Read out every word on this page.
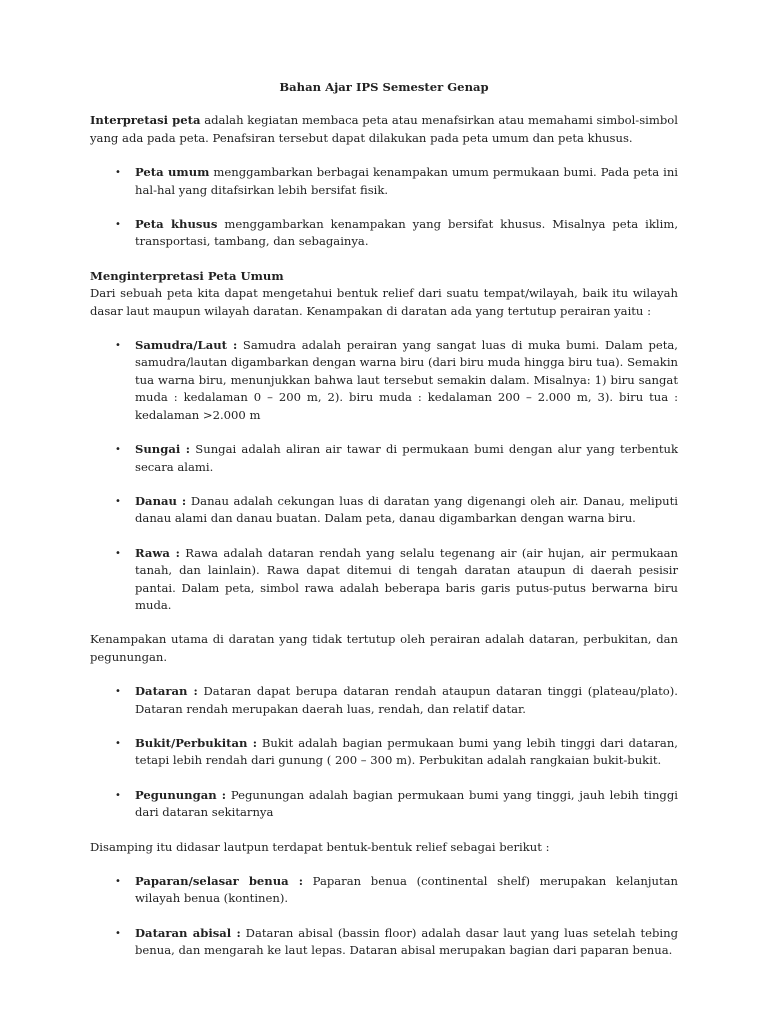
Bahan Ajar IPS Semester Genap

Interpretasi peta adalah kegiatan membaca peta atau menafsirkan atau memahami simbol-simbol yang ada pada peta. Penafsiran tersebut dapat dilakukan pada peta umum dan peta khusus.

• Peta umum menggambarkan berbagai kenampakan umum permukaan bumi. Pada peta ini hal-hal yang ditafsirkan lebih bersifat fisik.
• Peta khusus menggambarkan kenampakan yang bersifat khusus. Misalnya peta iklim, transportasi, tambang, dan sebagainya.

Menginterpretasi Peta Umum
Dari sebuah peta kita dapat mengetahui bentuk relief dari suatu tempat/wilayah, baik itu wilayah dasar laut maupun wilayah daratan. Kenampakan di daratan ada yang tertutup perairan yaitu :

• Samudra/Laut : Samudra adalah perairan yang sangat luas di muka bumi. Dalam peta, samudra/lautan digambarkan dengan warna biru (dari biru muda hingga biru tua). Semakin tua warna biru, menunjukkan bahwa laut tersebut semakin dalam. Misalnya: 1) biru sangat muda : kedalaman 0 – 200 m, 2). biru muda : kedalaman 200 – 2.000 m, 3). biru tua : kedalaman >2.000 m
• Sungai : Sungai adalah aliran air tawar di permukaan bumi dengan alur yang terbentuk secara alami.
• Danau : Danau adalah cekungan luas di daratan yang digenangi oleh air. Danau, meliputi danau alami dan danau buatan. Dalam peta, danau digambarkan dengan warna biru.
• Rawa : Rawa adalah dataran rendah yang selalu tegenang air (air hujan, air permukaan tanah, dan lainlain). Rawa dapat ditemui di tengah daratan ataupun di daerah pesisir pantai. Dalam peta, simbol rawa adalah beberapa baris garis putus-putus berwarna biru muda.

Kenampakan utama di daratan yang tidak tertutup oleh perairan adalah dataran, perbukitan, dan pegunungan.

• Dataran : Dataran dapat berupa dataran rendah ataupun dataran tinggi (plateau/plato). Dataran rendah merupakan daerah luas, rendah, dan relatif datar.
• Bukit/Perbukitan : Bukit adalah bagian permukaan bumi yang lebih tinggi dari dataran, tetapi lebih rendah dari gunung ( 200 – 300 m). Perbukitan adalah rangkaian bukit-bukit.
• Pegunungan : Pegunungan adalah bagian permukaan bumi yang tinggi, jauh lebih tinggi dari dataran sekitarnya

Disamping itu didasar lautpun terdapat bentuk-bentuk relief sebagai berikut :

• Paparan/selasar benua : Paparan benua (continental shelf) merupakan kelanjutan wilayah benua (kontinen).
• Dataran abisal : Dataran abisal (bassin floor) adalah dasar laut yang luas setelah tebing benua, dan mengarah ke laut lepas. Dataran abisal merupakan bagian dari paparan benua.
